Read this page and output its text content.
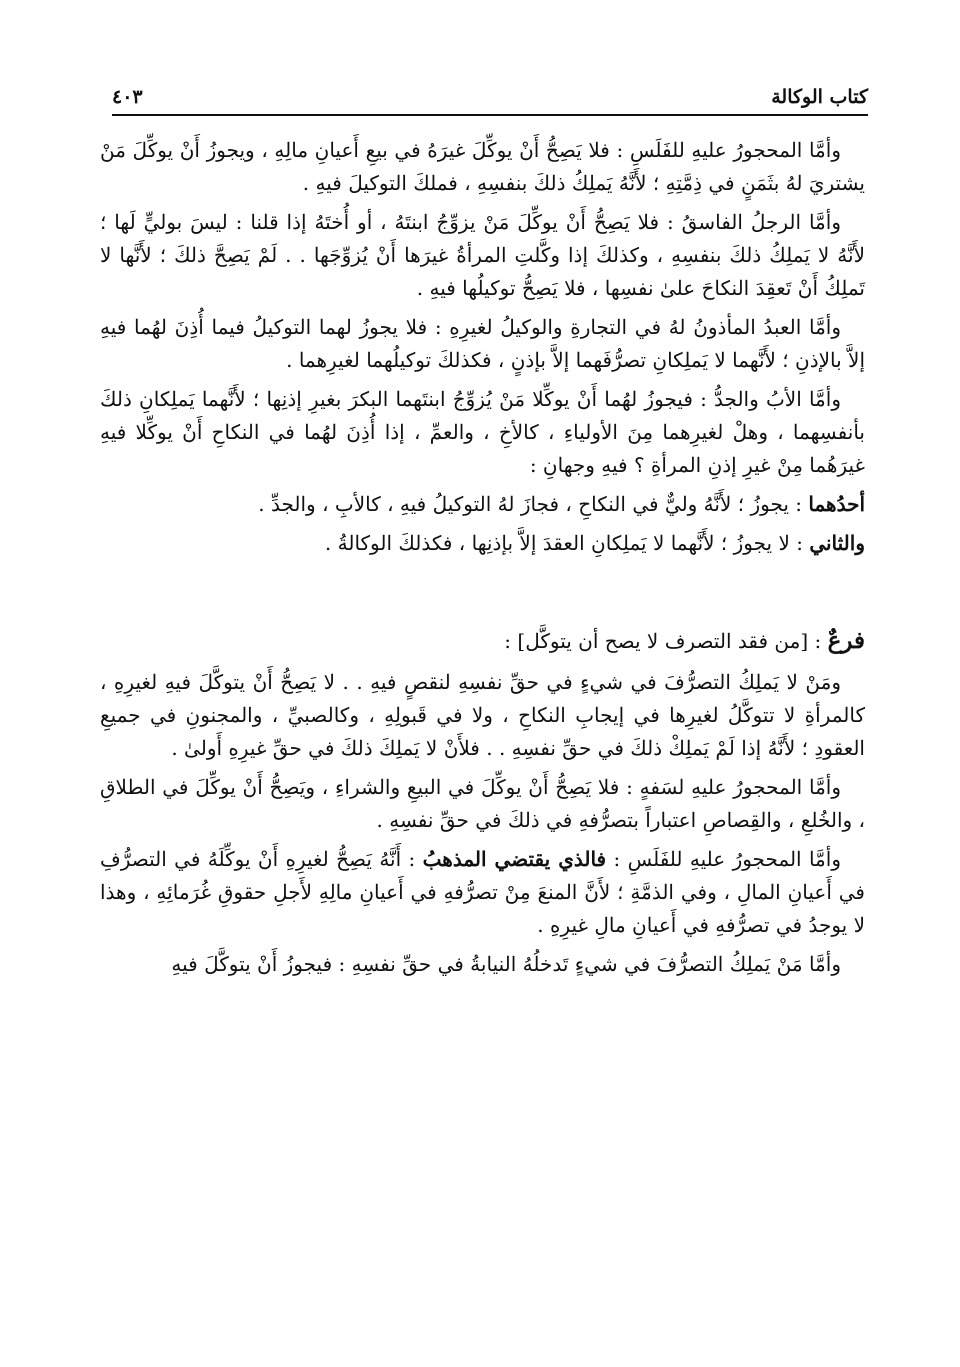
كتاب الوكالة
٤٠٣

وأمَّا المحجورُ عليهِ للفَلَسِ : فلا يَصِحُّ أَنْ يوكِّلَ غيرَهُ في بيعِ أَعيانِ مالِهِ ، ويجوزُ أَنْ يوكِّلَ مَنْ يشتريَ لهُ بثَمَنٍ في ذِمَّتِهِ ؛ لأَنَّهُ يَملِكُ ذلكَ بنفسِهِ ، فملكَ التوكيلَ فيهِ .

وأمَّا الرجلُ الفاسقُ : فلا يَصِحُّ أَنْ يوكِّلَ مَنْ يزوِّجُ ابنتَهُ ، أو أُختَهُ إذا قلنا : ليسَ بوليٍّ لَها ؛ لأَنَّهُ لا يَملِكُ ذلكَ بنفسِهِ ، وكذلكَ إذا وكَّلتِ المرأةُ غيرَها أَنْ يُزوِّجَها . . لَمْ يَصِحَّ ذلكَ ؛ لأَنَّها لا تَملِكُ أَنْ تَعقِدَ النكاحَ علىٰ نفسِها ، فلا يَصِحُّ توكيلُها فيهِ .

وأمَّا العبدُ المأذونُ لهُ في التجارةِ والوكيلُ لغيرِهِ : فلا يجوزُ لهما التوكيلُ فيما أُذِنَ لهُما فيهِ إلاَّ بالإذنِ ؛ لأَنَّهما لا يَملِكانِ تصرُّفَهما إلاَّ بإذنٍ ، فكذلكَ توكيلُهما لغيرِهما .

وأمَّا الأبُ والجدُّ : فيجوزُ لهُما أَنْ يوكِّلا مَنْ يُزوِّجُ ابنتَهما البكرَ بغيرِ إذنِها ؛ لأَنَّهما يَملِكانِ ذلكَ بأنفسِهما ، وهلْ لغيرِهما مِنَ الأولياءِ ، كالأخِ ، والعمِّ ، إذا أُذِنَ لهُما في النكاحِ أَنْ يوكِّلا فيهِ غيرَهُما مِنْ غيرِ إذنِ المرأةِ ؟ فيهِ وجهانِ :

أحدُهما : يجوزُ ؛ لأَنَّهُ وليٌّ في النكاحِ ، فجازَ لهُ التوكيلُ فيهِ ، كالأبِ ، والجدِّ .

والثاني : لا يجوزُ ؛ لأَنَّهما لا يَملِكانِ العقدَ إلاَّ بإذنِها ، فكذلكَ الوكالةُ .

فرعٌ : [من فقد التصرف لا يصح أن يتوكَّل] :

ومَنْ لا يَملِكُ التصرُّفَ في شيءٍ في حقِّ نفسِهِ لنقصٍ فيهِ . . لا يَصِحُّ أَنْ يتوكَّلَ فيهِ لغيرِهِ ، كالمرأةِ لا تتوكَّلُ لغيرِها في إيجابِ النكاحِ ، ولا في قَبولِهِ ، وكالصبيِّ ، والمجنونِ في جميعِ العقودِ ؛ لأَنَّهُ إذا لَمْ يَملِكْ ذلكَ في حقِّ نفسِهِ . . فلأَنْ لا يَملِكَ ذلكَ في حقِّ غيرِهِ أَولىٰ .

وأمَّا المحجورُ عليهِ لسَفهٍ : فلا يَصِحُّ أَنْ يوكِّلَ في البيعِ والشراءِ ، ويَصِحُّ أَنْ يوكِّلَ في الطلاقِ ، والخُلعِ ، والقِصاصِ اعتباراً بتصرُّفهِ في ذلكَ في حقِّ نفسِهِ .

وأمَّا المحجورُ عليهِ للفَلَسِ : فالذي يقتضي المذهبُ : أَنَّهُ يَصِحُّ لغيرِهِ أَنْ يوكِّلَهُ في التصرُّفِ في أَعيانِ المالِ ، وفي الذمَّةِ ؛ لأَنَّ المنعَ مِنْ تصرُّفهِ في أَعيانِ مالِهِ لأَجلِ حقوقِ غُرَمائِهِ ، وهذا لا يوجدُ في تصرُّفهِ في أَعيانِ مالِ غيرِهِ .

وأمَّا مَنْ يَملِكُ التصرُّفَ في شيءٍ تَدخلُهُ النيابةُ في حقِّ نفسِهِ : فيجوزُ أَنْ يتوكَّلَ فيهِ
